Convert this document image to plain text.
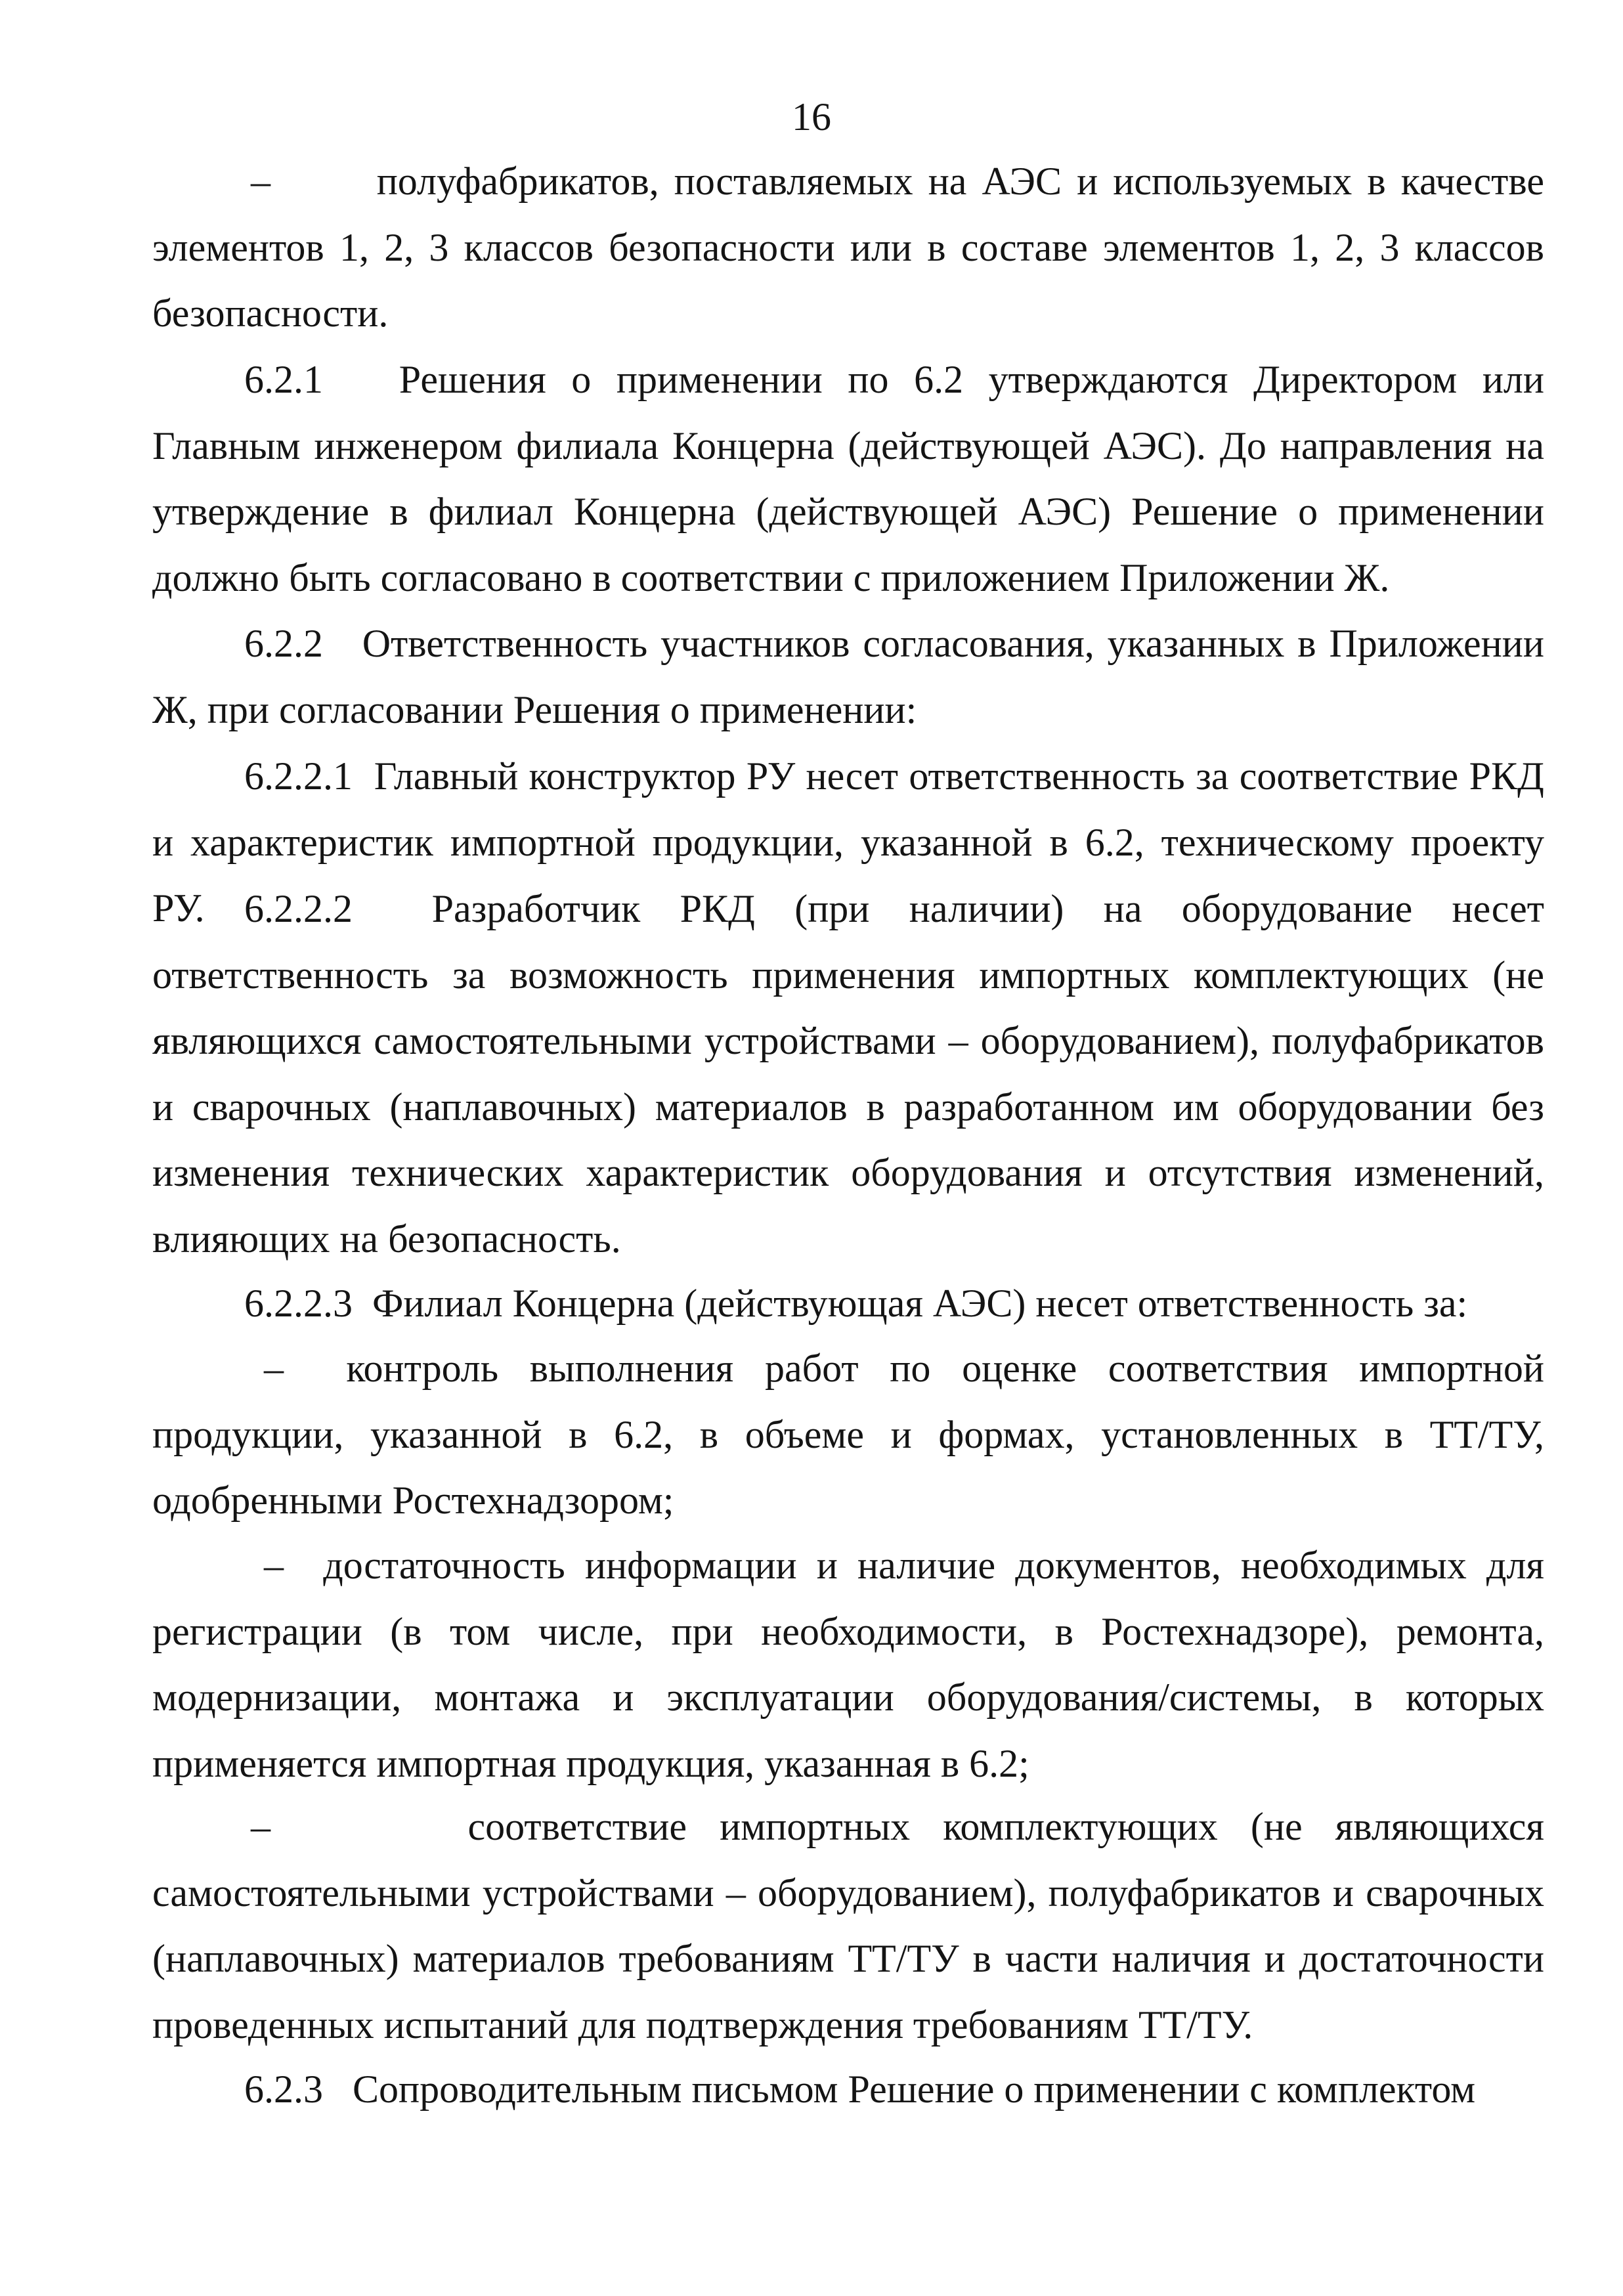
16

–       полуфабрикатов, поставляемых на АЭС и используемых в качестве элементов 1, 2, 3 классов безопасности или в составе элементов 1, 2, 3 классов безопасности.

6.2.1   Решения о применении по 6.2 утверждаются Директором или Главным инженером филиала Концерна (действующей АЭС). До направления на утверждение в филиал Концерна (действующей АЭС) Решение о применении должно быть согласовано в соответствии с приложением Приложении Ж.

6.2.2   Ответственность участников согласования, указанных в Приложении Ж, при согласовании Решения о применении:

6.2.2.1  Главный конструктор РУ несет ответственность за соответствие РКД и характеристик импортной продукции, указанной в 6.2, техническому проекту РУ.	6.2.2.2  Разработчик РКД (при наличии) на оборудование несет ответственность за возможность применения импортных комплектующих (не являющихся самостоятельными устройствами – оборудованием), полуфабрикатов и сварочных (наплавочных) материалов в разработанном им оборудовании без изменения технических характеристик оборудования и отсутствия изменений, влияющих на безопасность.

6.2.2.3  Филиал Концерна (действующая АЭС) несет ответственность за:

–  контроль выполнения работ по оценке соответствия импортной продукции, указанной в 6.2, в объеме и формах, установленных в ТТ/ТУ, одобренными Ростехнадзором;

–  достаточность информации и наличие документов, необходимых для регистрации (в том числе, при необходимости, в Ростехнадзоре), ремонта, модернизации, монтажа и эксплуатации оборудования/системы, в которых применяется импортная продукция, указанная в 6.2;

–      соответствие импортных комплектующих (не являющихся самостоятельными устройствами – оборудованием), полуфабрикатов и сварочных (наплавочных) материалов требованиям ТТ/ТУ в части наличия и достаточности проведенных испытаний для подтверждения требованиям ТТ/ТУ.

6.2.3   Сопроводительным письмом Решение о применении с комплектом
